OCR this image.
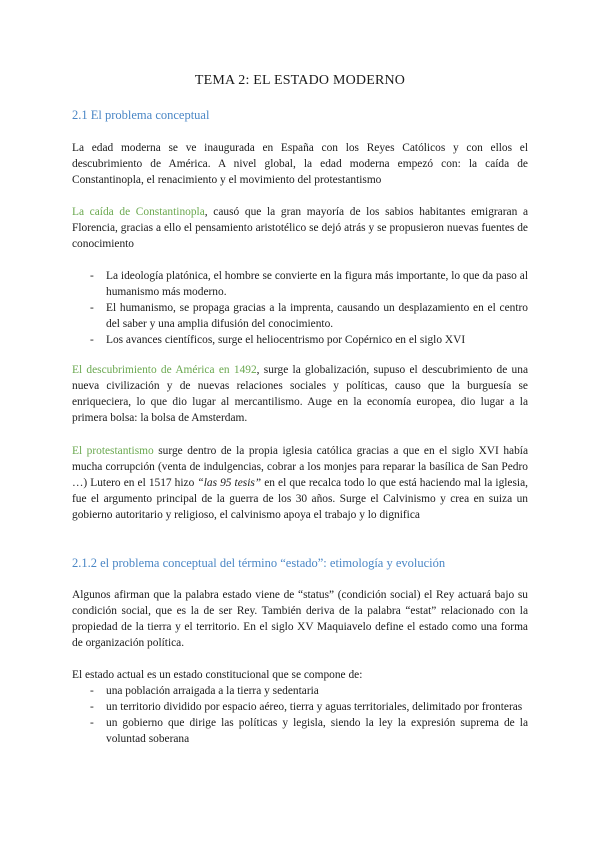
TEMA 2: EL ESTADO MODERNO
2.1 El problema conceptual

La edad moderna se ve inaugurada en España con los Reyes Católicos y con ellos el descubrimiento de América. A nivel global, la edad moderna empezó con: la caída de Constantinopla, el renacimiento y el movimiento del protestantismo

La caída de Constantinopla, causó que la gran mayoría de los sabios habitantes emigraran a Florencia, gracias a ello el pensamiento aristotélico se dejó atrás y se propusieron nuevas fuentes de conocimiento

- La ideología platónica, el hombre se convierte en la figura más importante, lo que da paso al humanismo más moderno.
- El humanismo, se propaga gracias a la imprenta, causando un desplazamiento en el centro del saber y una amplia difusión del conocimiento.
- Los avances científicos, surge el heliocentrismo por Copérnico en el siglo XVI

El descubrimiento de América en 1492, surge la globalización, supuso el descubrimiento de una nueva civilización y de nuevas relaciones sociales y políticas, causo que la burguesía se enriqueciera, lo que dio lugar al mercantilismo. Auge en la economía europea, dio lugar a la primera bolsa: la bolsa de Amsterdam.

El protestantismo surge dentro de la propia iglesia católica gracias a que en el siglo XVI había mucha corrupción (venta de indulgencias, cobrar a los monjes para reparar la basílica de San Pedro …) Lutero en el 1517 hizo “las 95 tesis” en el que recalca todo lo que está haciendo mal la iglesia, fue el argumento principal de la guerra de los 30 años. Surge el Calvinismo y crea en suiza un gobierno autoritario y religioso, el calvinismo apoya el trabajo y lo dignifica

2.1.2 el problema conceptual del término “estado”: etimología y evolución

Algunos afirman que la palabra estado viene de “status” (condición social) el Rey actuará bajo su condición social, que es la de ser Rey. También deriva de la palabra “estat” relacionado con la propiedad de la tierra y el territorio. En el siglo XV Maquiavelo define el estado como una forma de organización política.

El estado actual es un estado constitucional que se compone de:

- una población arraigada a la tierra y sedentaria
- un territorio dividido por espacio aéreo, tierra y aguas territoriales, delimitado por fronteras
- un gobierno que dirige las políticas y legisla, siendo la ley la expresión suprema de la voluntad soberana
